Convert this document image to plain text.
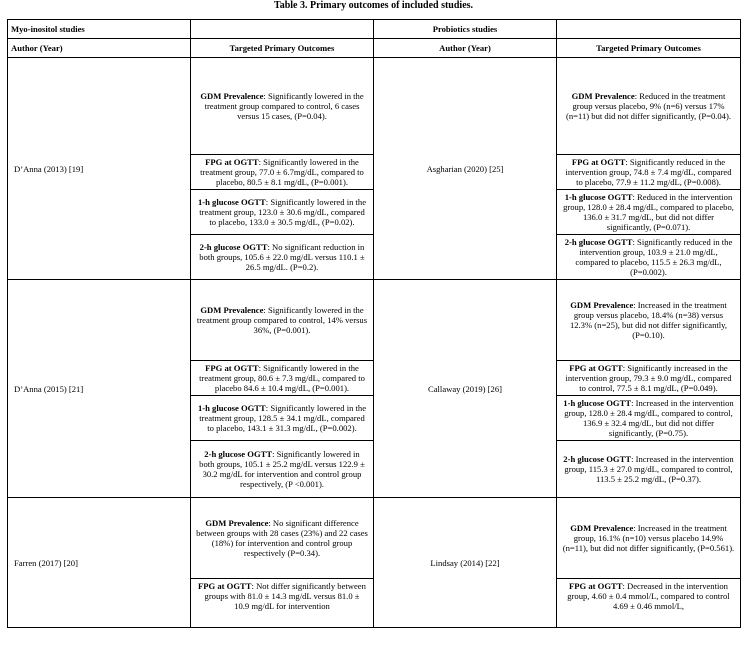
Table 3. Primary outcomes of included studies.
Myo-inositol studies		Probiotics studies	
Author (Year)	Targeted Primary Outcomes	Author (Year)	Targeted Primary Outcomes
D’Anna (2013) [19]	GDM Prevalence: Significantly lowered in the treatment group compared to control, 6 cases versus 15 cases, (P=0.04).	Asgharian (2020) [25]	GDM Prevalence: Reduced in the treatment group versus placebo, 9% (n=6) versus 17% (n=11) but did not differ significantly, (P=0.04).
	FPG at OGTT: Significantly lowered in the treatment group, 77.0 ± 6.7mg/dL, compared to placebo, 80.5 ± 8.1 mg/dL, (P=0.001).		FPG at OGTT: Significantly reduced in the intervention group, 74.8 ± 7.4 mg/dL, compared to placebo, 77.9 ± 11.2 mg/dL, (P=0.008).
	1-h glucose OGTT: Significantly lowered in the treatment group, 123.0 ± 30.6 mg/dL, compared to placebo, 133.0 ± 30.5 mg/dL, (P=0.02).		1-h glucose OGTT: Reduced in the intervention group, 128.0 ± 28.4 mg/dL, compared to placebo, 136.0 ± 31.7 mg/dL, but did not differ significantly, (P=0.071).
	2-h glucose OGTT: No significant reduction in both groups, 105.6 ± 22.0 mg/dL versus 110.1 ± 26.5 mg/dL. (P=0.2).		2-h glucose OGTT: Significantly reduced in the intervention group, 103.9 ± 21.0 mg/dL, compared to placebo, 115.5 ± 26.3 mg/dL, (P=0.002).
D’Anna (2015) [21]	GDM Prevalence: Significantly lowered in the treatment group compared to control, 14% versus 36%, (P=0.001).	Callaway (2019) [26]	GDM Prevalence: Increased in the treatment group versus placebo, 18.4% (n=38) versus 12.3% (n=25), but did not differ significantly, (P=0.10).
	FPG at OGTT: Significantly lowered in the treatment group, 80.6 ± 7.3 mg/dL, compared to placebo 84.6 ± 10.4 mg/dL, (P=0.001).		FPG at OGTT: Significantly increased in the intervention group, 79.3 ± 9.0 mg/dL, compared to control, 77.5 ± 8.1 mg/dL, (P=0.049).
	1-h glucose OGTT: Significantly lowered in the treatment group, 128.5 ± 34.1 mg/dL, compared to placebo, 143.1 ± 31.3 mg/dL, (P=0.002).		1-h glucose OGTT: Increased in the intervention group, 128.0 ± 28.4 mg/dL, compared to control, 136.9 ± 32.4 mg/dL, but did not differ significantly, (P=0.75).
	2-h glucose OGTT: Significantly lowered in both groups, 105.1 ± 25.2 mg/dL versus 122.9 ± 30.2 mg/dL for intervention and control group respectively, (P <0.001).		2-h glucose OGTT: Increased in the intervention group, 115.3 ± 27.0 mg/dL, compared to control, 113.5 ± 25.2 mg/dL, (P=0.37).
Farren (2017) [20]	GDM Prevalence: No significant difference between groups with 28 cases (23%) and 22 cases (18%) for intervention and control group respectively (P=0.34).	Lindsay (2014) [22]	GDM Prevalence: Increased in the treatment group, 16.1% (n=10) versus placebo 14.9% (n=11), but did not differ significantly, (P=0.561).
	FPG at OGTT: Not differ significantly between groups with 81.0 ± 14.3 mg/dL versus 81.0 ± 10.9 mg/dL for intervention		FPG at OGTT: Decreased in the intervention group, 4.60 ± 0.4 mmol/L, compared to control 4.69 ± 0.46 mmol/L,
